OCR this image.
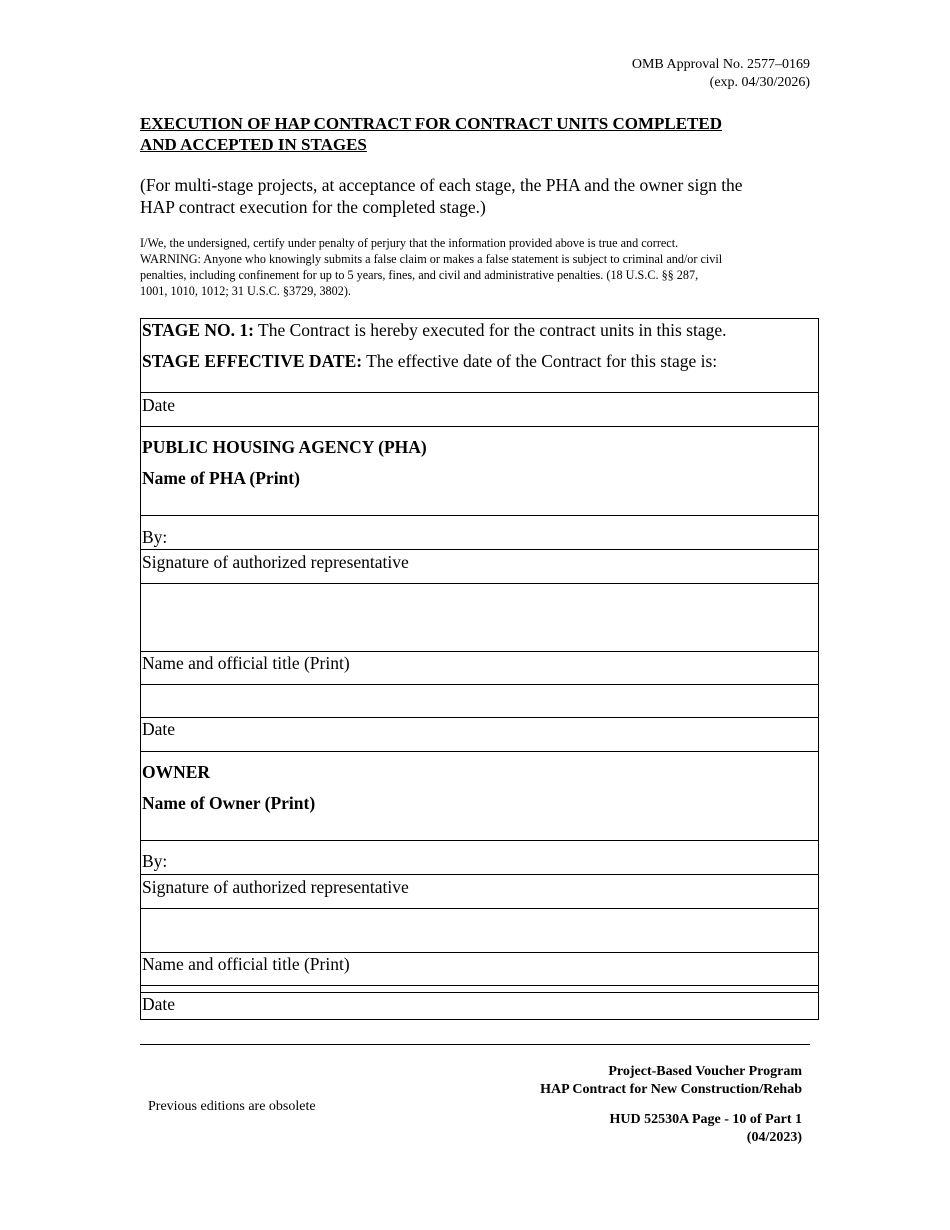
OMB Approval No. 2577–0169
(exp. 04/30/2026)
EXECUTION OF HAP CONTRACT FOR CONTRACT UNITS COMPLETED
AND ACCEPTED IN STAGES
(For multi-stage projects, at acceptance of each stage, the PHA and the owner sign the
HAP contract execution for the completed stage.)
I/We, the undersigned, certify under penalty of perjury that the information provided above is true and correct.
WARNING: Anyone who knowingly submits a false claim or makes a false statement is subject to criminal and/or civil
penalties, including confinement for up to 5 years, fines, and civil and administrative penalties. (18 U.S.C. §§ 287,
1001, 1010, 1012; 31 U.S.C. §3729, 3802).
STAGE NO. 1: The Contract is hereby executed for the contract units in this stage.
STAGE EFFECTIVE DATE: The effective date of the Contract for this stage is:
Date
PUBLIC HOUSING AGENCY (PHA)
Name of PHA (Print)
By:
Signature of authorized representative
Name and official title (Print)
Date
OWNER
Name of Owner (Print)
By:
Signature of authorized representative
Name and official title (Print)
Date
Previous editions are obsolete
Project-Based Voucher Program
HAP Contract for New Construction/Rehab
HUD 52530A Page - 10 of Part 1
(04/2023)
